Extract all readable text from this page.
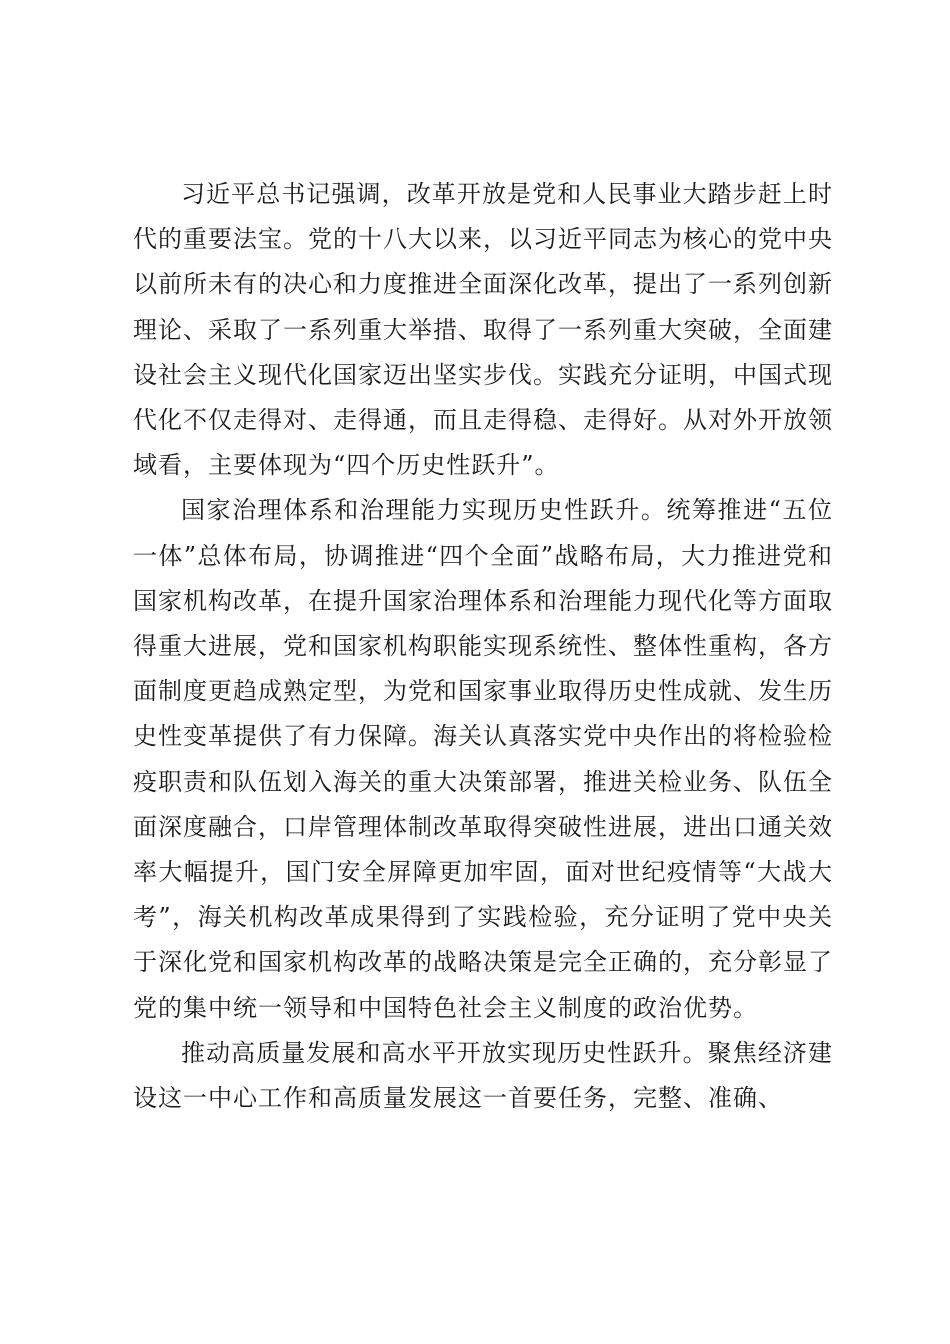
习近平总书记强调，改革开放是党和人民事业大踏步赶上时代的重要法宝。党的十八大以来，以习近平同志为核心的党中央以前所未有的决心和力度推进全面深化改革，提出了一系列创新理论、采取了一系列重大举措、取得了一系列重大突破，全面建设社会主义现代化国家迈出坚实步伐。实践充分证明，中国式现代化不仅走得对、走得通，而且走得稳、走得好。从对外开放领域看，主要体现为“四个历史性跃升”。

国家治理体系和治理能力实现历史性跃升。统筹推进“五位一体”总体布局，协调推进“四个全面”战略布局，大力推进党和国家机构改革，在提升国家治理体系和治理能力现代化等方面取得重大进展，党和国家机构职能实现系统性、整体性重构，各方面制度更趋成熟定型，为党和国家事业取得历史性成就、发生历史性变革提供了有力保障。海关认真落实党中央作出的将检验检疫职责和队伍划入海关的重大决策部署，推进关检业务、队伍全面深度融合，口岸管理体制改革取得突破性进展，进出口通关效率大幅提升，国门安全屏障更加牢固，面对世纪疫情等“大战大考”，海关机构改革成果得到了实践检验，充分证明了党中央关于深化党和国家机构改革的战略决策是完全正确的，充分彰显了党的集中统一领导和中国特色社会主义制度的政治优势。

推动高质量发展和高水平开放实现历史性跃升。聚焦经济建设这一中心工作和高质量发展这一首要任务，完整、准确、
